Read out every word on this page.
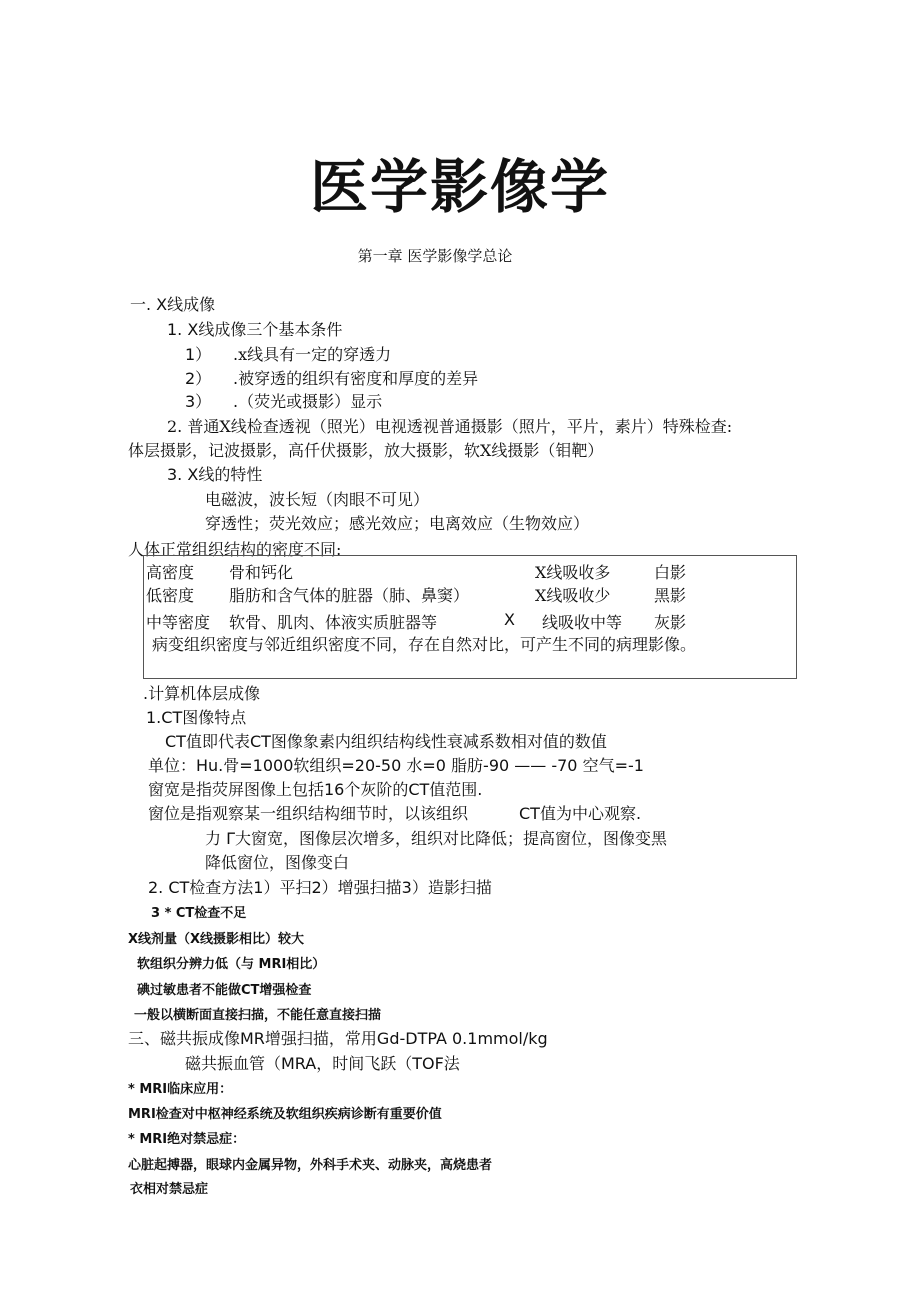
医学影像学
第一章 医学影像学总论
一. X线成像
1. X线成像三个基本条件
1） .x线具有一定的穿透力
2） .被穿透的组织有密度和厚度的差异
3） .（荧光或摄影）显示
2. 普通X线检查透视（照光）电视透视普通摄影（照片，平片，素片）特殊检查:
体层摄影，记波摄影，高仟伏摄影，放大摄影，软X线摄影（钼靶）
3. X线的特性
电磁波，波长短（肉眼不可见）
穿透性；荧光效应；感光效应；电离效应（生物效应）
人体正常组织结构的密度不同:
高密度 骨和钙化	X线吸收多	白影
低密度 脂肪和含气体的脏器（肺、鼻窦）	X线吸收少	黑影
中等密度 软骨、肌肉、体液实质脏器等	X 线吸收中等 灰影
病变组织密度与邻近组织密度不同，存在自然对比，可产生不同的病理影像。
.计算机体层成像
1.CT图像特点
CT值即代表CT图像象素内组织结构线性衰减系数相对值的数值
单位：Hu.骨=1000软组织=20-50 水=0 脂肪-90 —— -70 空气=-1
窗宽是指荧屏图像上包括16个灰阶的CT值范围.
窗位是指观察某一组织结构细节时，以该组织	CT值为中心观察.
力 Γ大窗宽，图像层次增多，组织对比降低；提高窗位，图像变黑
降低窗位，图像变白
2. CT检查方法1）平扫2）增强扫描3）造影扫描
3 * CT检查不足
X线剂量（X线摄影相比）较大
软组织分辨力低（与 MRI相比）
碘过敏患者不能做CT增强检查
一般以横断面直接扫描，不能任意直接扫描
三、磁共振成像MR增强扫描，常用Gd-DTPA 0.1mmol/kg
磁共振血管（MRA，时间飞跃（TOF法
* MRI临床应用：
MRI检查对中枢神经系统及软组织疾病诊断有重要价值
* MRI绝对禁忌症：
心脏起搏器，眼球内金属异物，外科手术夹、动脉夹，高烧患者
衣相对禁忌症
